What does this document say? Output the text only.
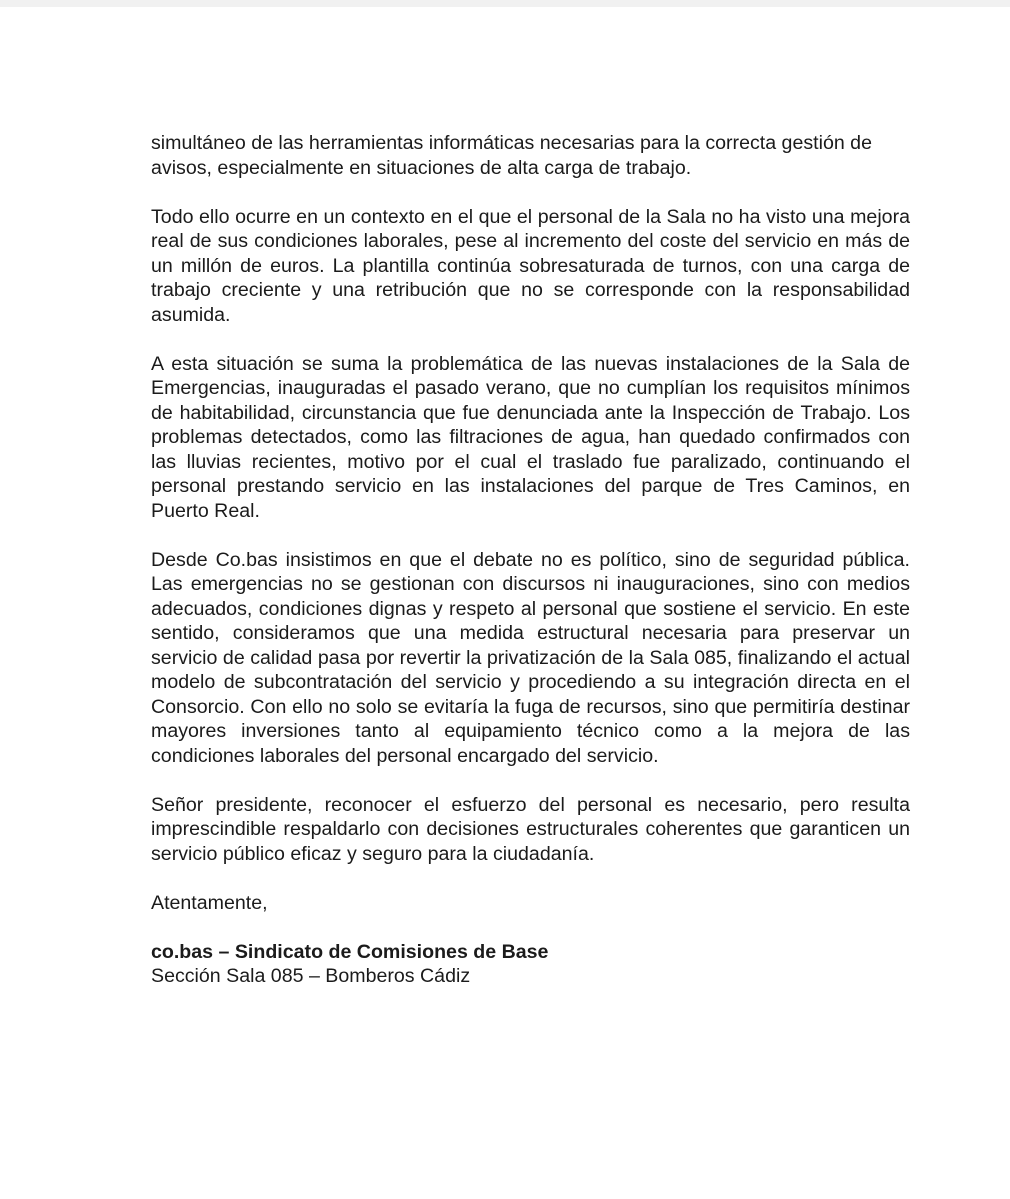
simultáneo de las herramientas informáticas necesarias para la correcta gestión de avisos, especialmente en situaciones de alta carga de trabajo.

Todo ello ocurre en un contexto en el que el personal de la Sala no ha visto una mejora real de sus condiciones laborales, pese al incremento del coste del servicio en más de un millón de euros. La plantilla continúa sobresaturada de turnos, con una carga de trabajo creciente y una retribución que no se corresponde con la responsabilidad asumida.

A esta situación se suma la problemática de las nuevas instalaciones de la Sala de Emergencias, inauguradas el pasado verano, que no cumplían los requisitos mínimos de habitabilidad, circunstancia que fue denunciada ante la Inspección de Trabajo. Los problemas detectados, como las filtraciones de agua, han quedado confirmados con las lluvias recientes, motivo por el cual el traslado fue paralizado, continuando el personal prestando servicio en las instalaciones del parque de Tres Caminos, en Puerto Real.

Desde Co.bas insistimos en que el debate no es político, sino de seguridad pública. Las emergencias no se gestionan con discursos ni inauguraciones, sino con medios adecuados, condiciones dignas y respeto al personal que sostiene el servicio. En este sentido, consideramos que una medida estructural necesaria para preservar un servicio de calidad pasa por revertir la privatización de la Sala 085, finalizando el actual modelo de subcontratación del servicio y procediendo a su integración directa en el Consorcio. Con ello no solo se evitaría la fuga de recursos, sino que permitiría destinar mayores inversiones tanto al equipamiento técnico como a la mejora de las condiciones laborales del personal encargado del servicio.

Señor presidente, reconocer el esfuerzo del personal es necesario, pero resulta imprescindible respaldarlo con decisiones estructurales coherentes que garanticen un servicio público eficaz y seguro para la ciudadanía.

Atentamente,

co.bas – Sindicato de Comisiones de Base

Sección Sala 085 – Bomberos Cádiz
